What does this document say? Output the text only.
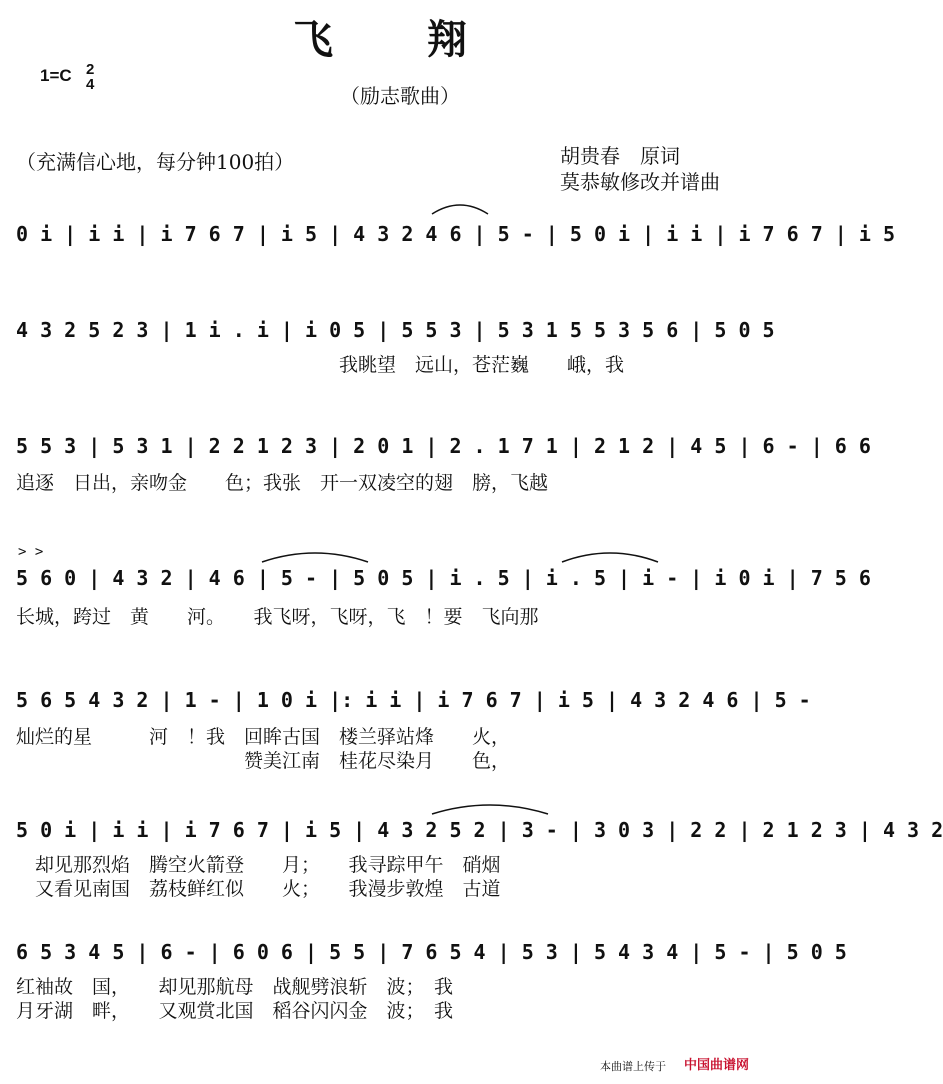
飞 翔
1=C 2
4	（励志歌曲）
（充满信心地，每分钟100拍）	胡贵春　原词
莫恭敏修改并谱曲
0 i | i i | i 7 6 7 | i 5 | 4 3 2 4 6 | 5 - | 5 0 i | i i | i 7 6 7 | i 5
4 3 2 5 2 3 | 1 i . i | i 0 5 | 5 5 3 | 5 3 1 5 5 3 5 6 | 5 0 5
　　　　　　　　　　　　　　　　　我眺望　远山，苍茫巍　　峨，我
5 5 3 | 5 3 1 | 2 2 1 2 3 | 2 0 1 | 2 . 1 7 1 | 2 1 2 | 4 5 | 6 - | 6 6
追逐　日出，亲吻金　　色；我张　开一双凌空的翅　膀，飞越
> >
5 6 0 | 4 3 2 | 4 6 | 5 - | 5 0 5 | i . 5 | i . 5 | i - | i 0 i | 7 5 6
长城，跨过　黄　　河。　　我飞呀，飞呀，飞　！要　飞向那
5 6 5 4 3 2 | 1 - | 1 0 i |: i i | i 7 6 7 | i 5 | 4 3 2 4 6 | 5 -
灿烂的星　　　河　！我　回眸古国　楼兰驿站烽　　火，
　　　　　　　　　　　　赞美江南　桂花尽染月　　色，
5 0 i | i i | i 7 6 7 | i 5 | 4 3 2 5 2 | 3 - | 3 0 3 | 2 2 | 2 1 2 3 | 4 3 2
　却见那烈焰　腾空火箭登　　月；　　我寻踪甲午　硝烟
　又看见南国　荔枝鲜红似　　火；　　我漫步敦煌　古道
6 5 3 4 5 | 6 - | 6 0 6 | 5 5 | 7 6 5 4 | 5 3 | 5 4 3 4 | 5 - | 5 0 5
红袖故　国，　　却见那航母　战舰劈浪斩　波；　我
月牙湖　畔，　　又观赏北国　稻谷闪闪金　波；　我
本曲谱上传于 中国曲谱网
